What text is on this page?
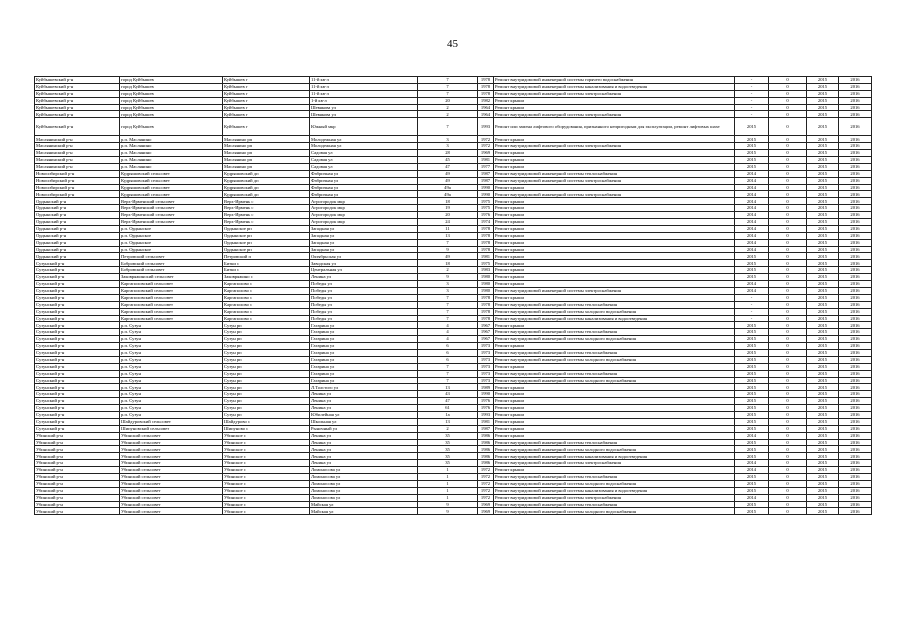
45
Куйбышевский р-н	город Куйбышев	Куйбышев г	11-й кв-л	7	1978	Ремонт внутридомовой инженерной системы горячего водоснабжения	-	0	2015	2016
Куйбышевский р-н	город Куйбышев	Куйбышев г	11-й кв-л	7	1978	Ремонт внутридомовой инженерной системы канализования и водоотведения	-	0	2015	2016
Куйбышевский р-н	город Куйбышев	Куйбышев г	11-й кв-л	7	1978	Ремонт внутридомовой инженерной системы электроснабжения	-	0	2015	2016
Куйбышевский р-н	город Куйбышев	Куйбышев г	1-й кв-л	20	1982	Ремонт крыши	-	0	2015	2016
Куйбышевский р-н	город Куйбышев	Куйбышев г	Шевякова ул	2	1964	Ремонт крыши	-	0	2015	2016
Куйбышевский р-н	город Куйбышев	Куйбышев г	Шевякова ул	2	1964	Ремонт внутридомовой инженерной системы электроснабжения	-	0	2015	2016
Куйбышевский р-н	город Куйбышев	Куйбышев г	Южный мкр	7	1993	Ремонт или замена лифтового оборудования, признанного непригодным для эксплуатации, ремонт лифтовых шахт	2015	0	2015	2016
Маслянинский р-н	р.п. Маслянино	Маслянино рп	Молодежная ул	3	1972	Ремонт крыши	2015	0	2015	2016
Маслянинский р-н	р.п. Маслянино	Маслянино рп	Молодежная ул	3	1972	Ремонт внутридомовой инженерной системы электроснабжения	2015	0	2015	2016
Маслянинский р-н	р.п. Маслянино	Маслянино рп	Садовая ул	28	1969	Ремонт крыши	2015	0	2015	2016
Маслянинский р-н	р.п. Маслянино	Маслянино рп	Садовая ул	45	1981	Ремонт крыши	2015	0	2015	2016
Маслянинский р-н	р.п. Маслянино	Маслянино рп	Садовая ул	47	1977	Ремонт крыши	2015	0	2015	2016
Новосибирский р-н	Кудряшовский сельсовет	Кудряшовский дп	Фабричная ул	49	1987	Ремонт внутридомовой инженерной системы теплоснабжения	2014	0	2015	2016
Новосибирский р-н	Кудряшовский сельсовет	Кудряшовский дп	Фабричная ул	49	1987	Ремонт внутридомовой инженерной системы электроснабжения	2014	0	2015	2016
Новосибирский р-н	Кудряшовский сельсовет	Кудряшовский дп	Фабричная ул	49а	1990	Ремонт крыши	2014	0	2015	2016
Новосибирский р-н	Кудряшовский сельсовет	Кудряшовский дп	Фабричная ул	49а	1990	Ремонт внутридомовой инженерной системы электроснабжения	2014	0	2015	2016
Ордынский р-н	Верх-Ирменский сельсовет	Верх-Ирмень с	Агрогородок мкр	18	1975	Ремонт крыши	2014	0	2015	2016
Ордынский р-н	Верх-Ирменский сельсовет	Верх-Ирмень с	Агрогородок мкр	19	1975	Ремонт крыши	2014	0	2015	2016
Ордынский р-н	Верх-Ирменский сельсовет	Верх-Ирмень с	Агрогородок мкр	20	1976	Ремонт крыши	2014	0	2015	2016
Ордынский р-н	Верх-Ирменский сельсовет	Верх-Ирмень с	Агрогородок мкр	24	1974	Ремонт крыши	2014	0	2015	2016
Ордынский р-н	р.п. Ордынское	Ордынское рп	Западная ул	11	1978	Ремонт крыши	2014	0	2015	2016
Ордынский р-н	р.п. Ордынское	Ордынское рп	Западная ул	13	1978	Ремонт крыши	2014	0	2015	2016
Ордынский р-н	р.п. Ордынское	Ордынское рп	Западная ул	7	1978	Ремонт крыши	2014	0	2015	2016
Ордынский р-н	р.п. Ордынское	Ордынское рп	Западная ул	9	1978	Ремонт крыши	2014	0	2015	2016
Ордынский р-н	Петровский сельсовет	Петровский п	Октябрьская ул	49	1981	Ремонт крыши	2015	0	2015	2016
Сузунский р-н	Бобровский сельсовет	Битки с	Заводская ул	18	1975	Ремонт крыши	2015	0	2015	2016
Сузунский р-н	Бобровский сельсовет	Битки с	Центральная ул	2	1983	Ремонт крыши	2015	0	2015	2016
Сузунский р-н	Заковряжинский сельсовет	Заковряжино с	Ленина ул	9	1980	Ремонт крыши	2015	0	2015	2016
Сузунский р-н	Каргаполовский сельсовет	Каргаполово с	Победы ул	3	1980	Ремонт крыши	2014	0	2015	2016
Сузунский р-н	Каргаполовский сельсовет	Каргаполово с	Победы ул	3	1980	Ремонт внутридомовой инженерной системы электроснабжения	2014	0	2015	2016
Сузунский р-н	Каргаполовский сельсовет	Каргаполово с	Победы ул	7	1978	Ремонт крыши	-	0	2015	2016
Сузунский р-н	Каргаполовский сельсовет	Каргаполово с	Победы ул	7	1978	Ремонт внутридомовой инженерной системы теплоснабжения	-	0	2015	2016
Сузунский р-н	Каргаполовский сельсовет	Каргаполово с	Победы ул	7	1978	Ремонт внутридомовой инженерной системы холодного водоснабжения	-	0	2015	2016
Сузунский р-н	Каргаполовский сельсовет	Каргаполово с	Победы ул	7	1978	Ремонт внутридомовой инженерной системы канализования и водоотведения	-	0	2015	2016
Сузунский р-н	р.п. Сузун	Сузун рп	Гагарина ул	4	1967	Ремонт крыши	2015	0	2015	2016
Сузунский р-н	р.п. Сузун	Сузун рп	Гагарина ул	4	1967	Ремонт внутридомовой инженерной системы теплоснабжения	2015	0	2015	2016
Сузунский р-н	р.п. Сузун	Сузун рп	Гагарина ул	4	1967	Ремонт внутридомовой инженерной системы холодного водоснабжения	2015	0	2015	2016
Сузунский р-н	р.п. Сузун	Сузун рп	Гагарина ул	6	1973	Ремонт крыши	2015	0	2015	2016
Сузунский р-н	р.п. Сузун	Сузун рп	Гагарина ул	6	1973	Ремонт внутридомовой инженерной системы теплоснабжения	2015	0	2015	2016
Сузунский р-н	р.п. Сузун	Сузун рп	Гагарина ул	6	1973	Ремонт внутридомовой инженерной системы холодного водоснабжения	2015	0	2015	2016
Сузунский р-н	р.п. Сузун	Сузун рп	Гагарина ул	7	1973	Ремонт крыши	2015	0	2015	2016
Сузунский р-н	р.п. Сузун	Сузун рп	Гагарина ул	7	1973	Ремонт внутридомовой инженерной системы теплоснабжения	2015	0	2015	2016
Сузунский р-н	р.п. Сузун	Сузун рп	Гагарина ул	7	1973	Ремонт внутридомовой инженерной системы холодного водоснабжения	2015	0	2015	2016
Сузунский р-н	р.п. Сузун	Сузун рп	Л.Толстого ул	13	1989	Ремонт крыши	2015	0	2015	2016
Сузунский р-н	р.п. Сузун	Сузун рп	Ленина ул	43	1990	Ремонт крыши	2015	0	2015	2016
Сузунский р-н	р.п. Сузун	Сузун рп	Ленина ул	47	1976	Ремонт крыши	2015	0	2015	2016
Сузунский р-н	р.п. Сузун	Сузун рп	Ленина ул	61	1976	Ремонт крыши	2015	0	2015	2016
Сузунский р-н	р.п. Сузун	Сузун рп	Юбилейная ул	1а	1993	Ремонт крыши	2015	0	2015	2016
Сузунский р-н	Шайдуровский сельсовет	Шайдурово с	Школьная ул	13	1981	Ремонт крыши	2015	0	2015	2016
Сузунский р-н	Шипуновский сельсовет	Шипуново с	Рыночный ул	2	1987	Ремонт крыши	2015	0	2015	2016
Убинский р-н	Убинский сельсовет	Убинское с	Ленина ул	35	1986	Ремонт крыши	2014	0	2015	2016
Убинский р-н	Убинский сельсовет	Убинское с	Ленина ул	35	1986	Ремонт внутридомовой инженерной системы теплоснабжения	2015	0	2015	2016
Убинский р-н	Убинский сельсовет	Убинское с	Ленина ул	35	1986	Ремонт внутридомовой инженерной системы холодного водоснабжения	2015	0	2015	2016
Убинский р-н	Убинский сельсовет	Убинское с	Ленина ул	35	1986	Ремонт внутридомовой инженерной системы канализования и водоотведения	2015	0	2015	2016
Убинский р-н	Убинский сельсовет	Убинское с	Ленина ул	35	1986	Ремонт внутридомовой инженерной системы электроснабжения	2014	0	2015	2016
Убинский р-н	Убинский сельсовет	Убинское с	Ломоносова ул	1	1972	Ремонт крыши	2014	0	2015	2016
Убинский р-н	Убинский сельсовет	Убинское с	Ломоносова ул	1	1972	Ремонт внутридомовой инженерной системы теплоснабжения	2015	0	2015	2016
Убинский р-н	Убинский сельсовет	Убинское с	Ломоносова ул	1	1972	Ремонт внутридомовой инженерной системы холодного водоснабжения	2015	0	2015	2016
Убинский р-н	Убинский сельсовет	Убинское с	Ломоносова ул	1	1972	Ремонт внутридомовой инженерной системы канализования и водоотведения	2015	0	2015	2016
Убинский р-н	Убинский сельсовет	Убинское с	Ломоносова ул	1	1972	Ремонт внутридомовой инженерной системы электроснабжения	2014	0	2015	2016
Убинский р-н	Убинский сельсовет	Убинское с	Майская ул	9	1969	Ремонт внутридомовой инженерной системы теплоснабжения	2015	0	2015	2016
Убинский р-н	Убинский сельсовет	Убинское с	Майская ул	9	1969	Ремонт внутридомовой инженерной системы холодного водоснабжения	2015	0	2015	2016
